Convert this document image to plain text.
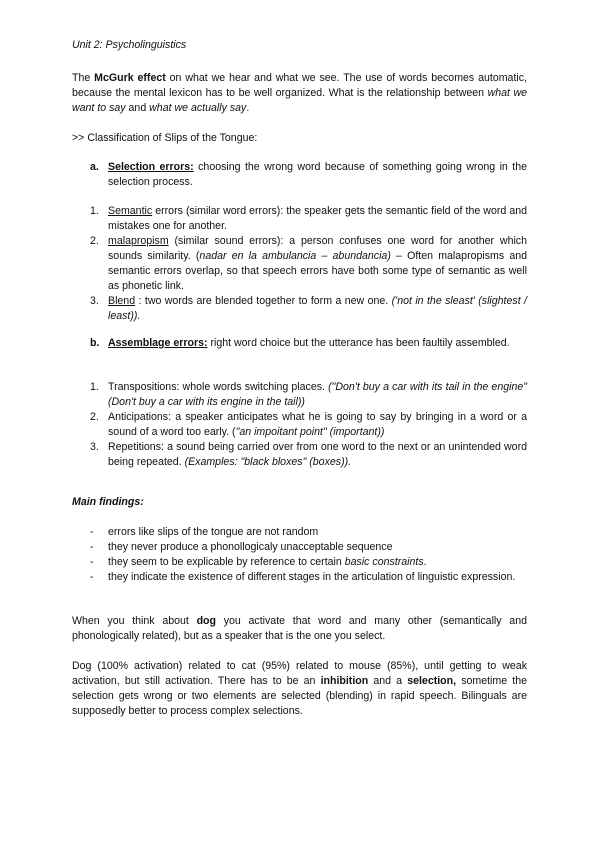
Unit 2: Psycholinguistics

The McGurk effect on what we hear and what we see. The use of words becomes automatic, because the mental lexicon has to be well organized. What is the relationship between what we want to say and what we actually say.

>> Classification of Slips of the Tongue:

a. Selection errors: choosing the wrong word because of something going wrong in the selection process.
1. Semantic errors (similar word errors): the speaker gets the semantic field of the word and mistakes one for another.
2. malapropism (similar sound errors): a person confuses one word for another which sounds similarity. (nadar en la ambulancia – abundancia) – Often malapropisms and semantic errors overlap, so that speech errors have both some type of semantic as well as phonetic link.
3. Blend : two words are blended together to form a new one. ('not in the sleast' (slightest / least)).
b. Assemblage errors: right word choice but the utterance has been faultily assembled.
1. Transpositions: whole words switching places. ("Don't buy a car with its tail in the engine" (Don't buy a car with its engine in the tail))
2. Anticipations: a speaker anticipates what he is going to say by bringing in a word or a sound of a word too early. ("an impoitant point" (important))
3. Repetitions: a sound being carried over from one word to the next or an unintended word being repeated. (Examples: "black bloxes" (boxes)).
Main findings:
- errors like slips of the tongue are not random
- they never produce a phonollogicaly unacceptable sequence
- they seem to be explicable by reference to certain basic constraints.
- they indicate the existence of different stages in the articulation of linguistic expression.

When you think about dog you activate that word and many other (semantically and phonologically related), but as a speaker that is the one you select.

Dog (100% activation) related to cat (95%) related to mouse (85%), until getting to weak activation, but still activation. There has to be an inhibition and a selection, sometime the selection gets wrong or two elements are selected (blending) in rapid speech. Bilinguals are supposedly better to process complex selections.
